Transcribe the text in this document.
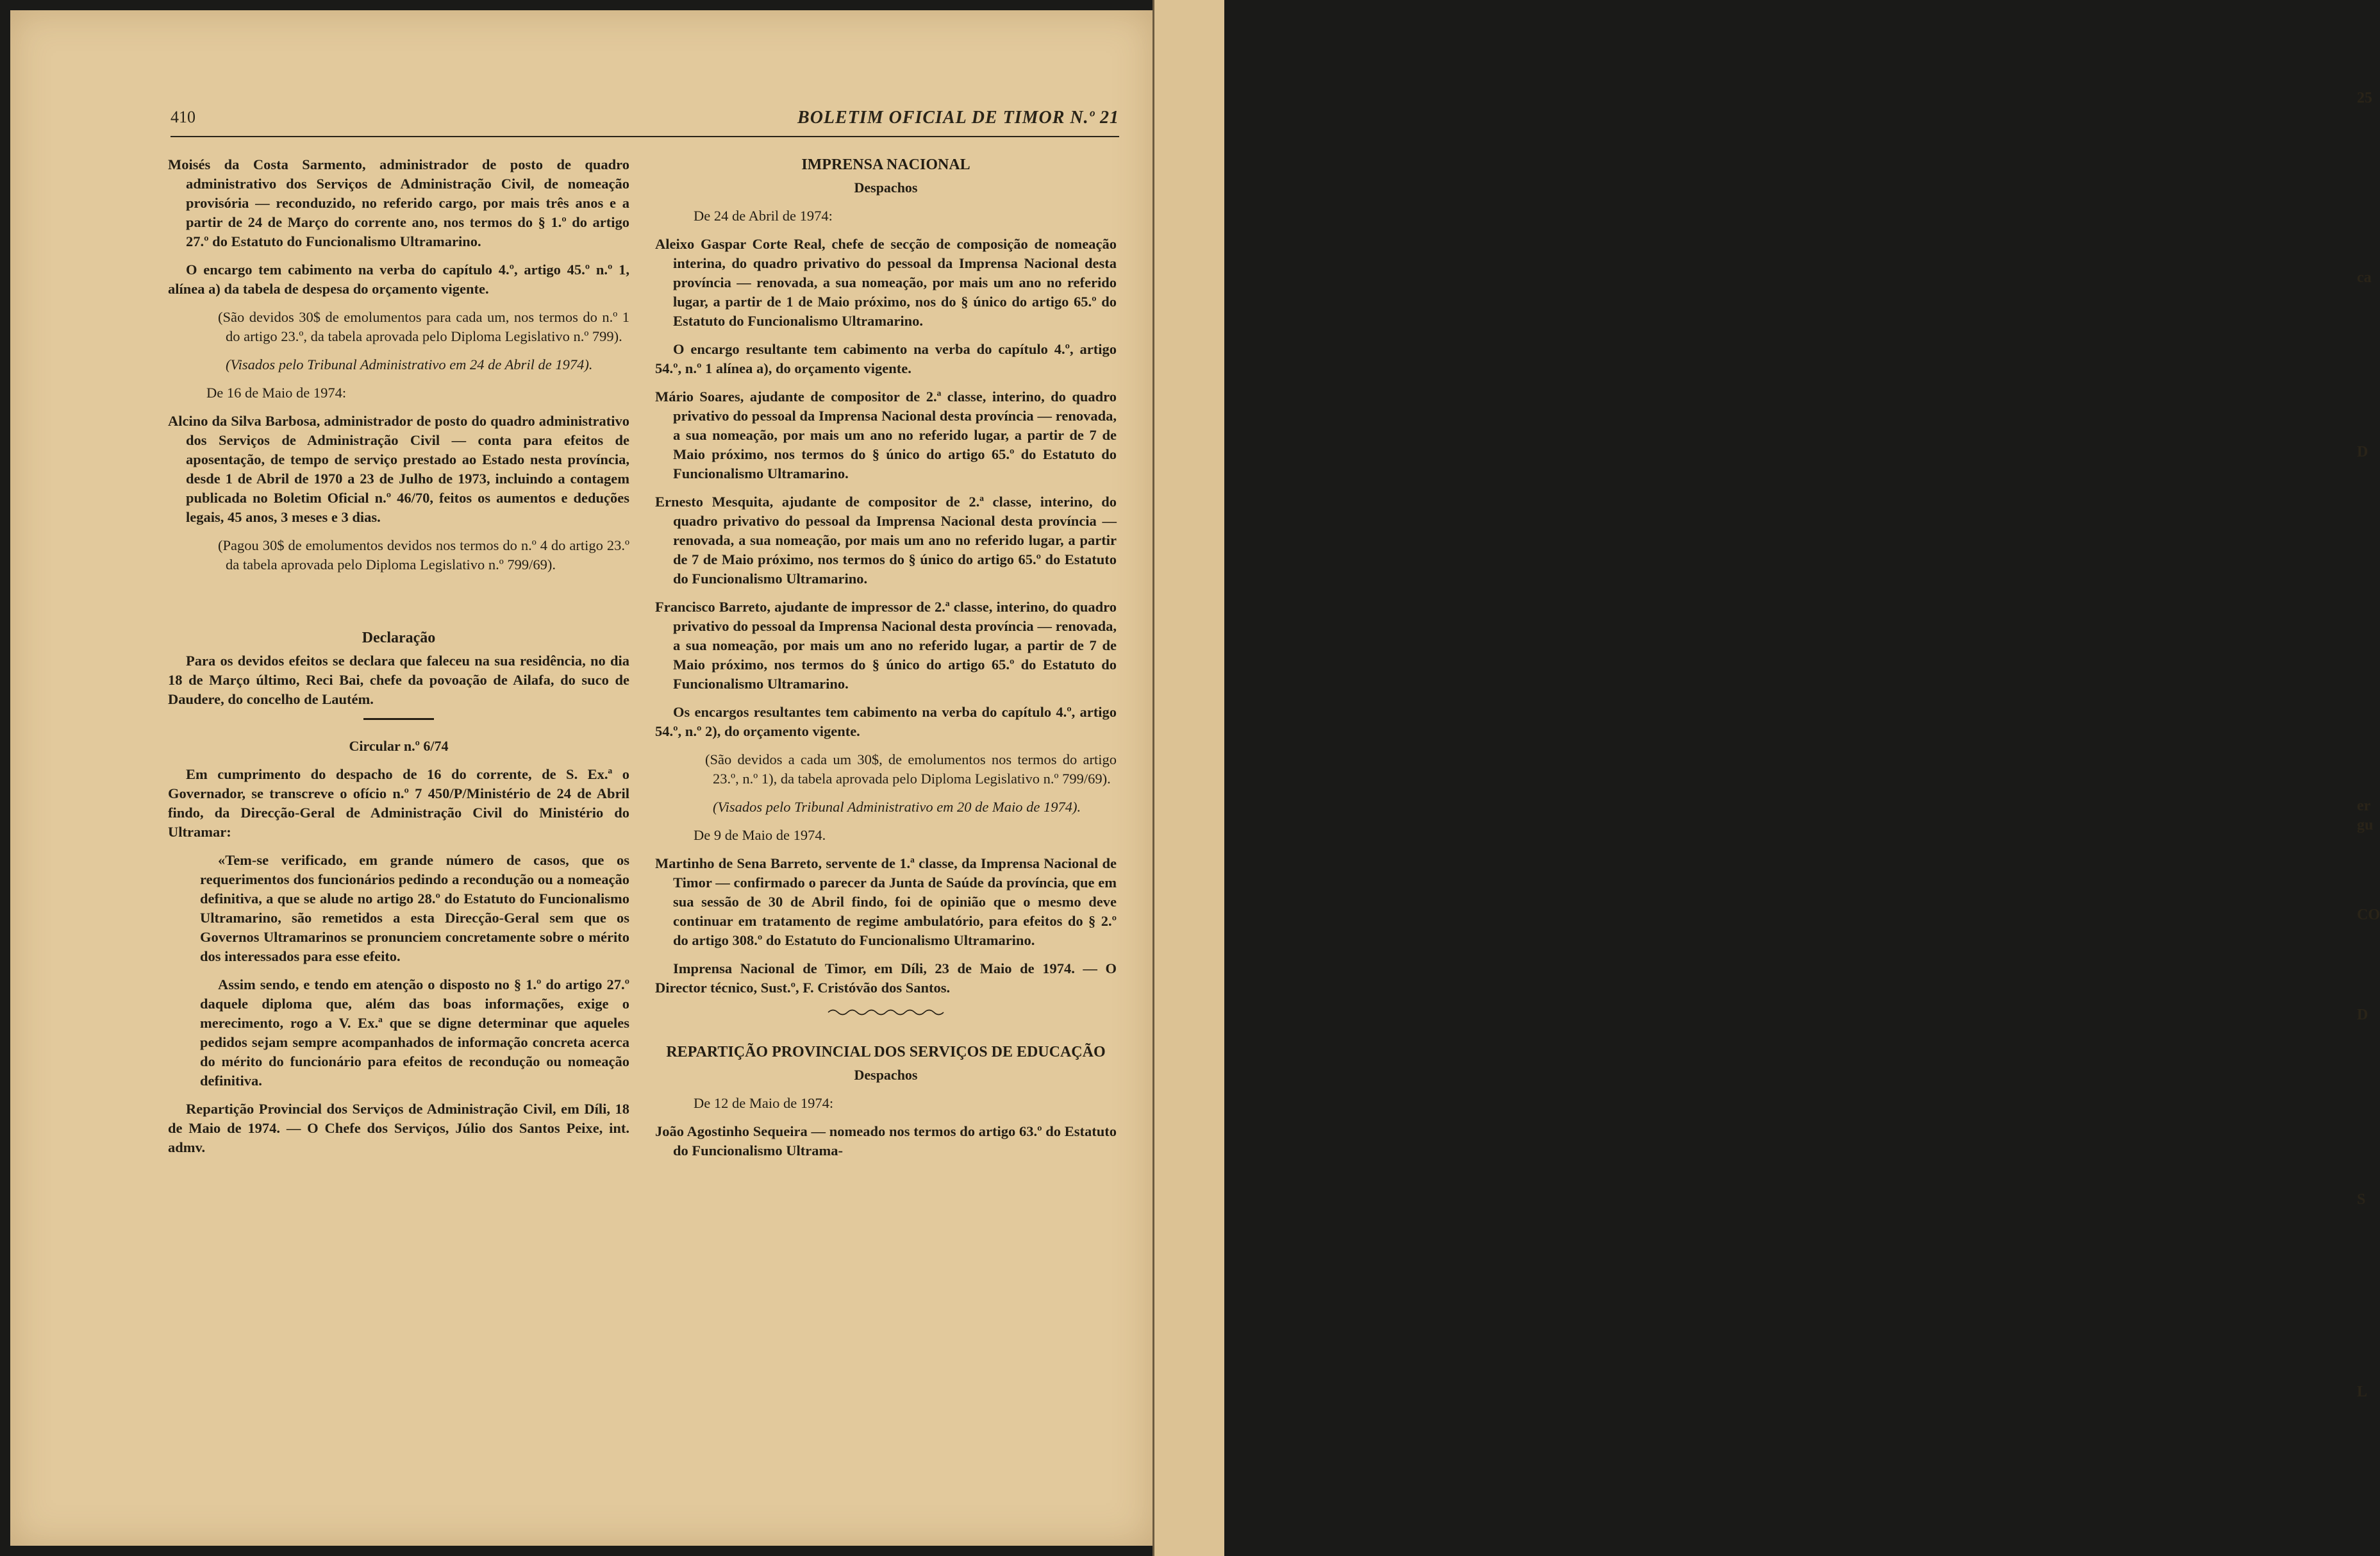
410	BOLETIM OFICIAL DE TIMOR N.º 21

Moisés da Costa Sarmento, administrador de posto de quadro administrativo dos Serviços de Administração Civil, de nomeação provisória — reconduzido, no referido cargo, por mais três anos e a partir de 24 de Março do corrente ano, nos termos do § 1.º do artigo 27.º do Estatuto do Funcionalismo Ultramarino.

O encargo tem cabimento na verba do capítulo 4.º, artigo 45.º n.º 1, alínea a) da tabela de despesa do orçamento vigente.

(São devidos 30$ de emolumentos para cada um, nos termos do n.º 1 do artigo 23.º, da tabela aprovada pelo Diploma Legislativo n.º 799).

(Visados pelo Tribunal Administrativo em 24 de Abril de 1974).

De 16 de Maio de 1974:

Alcino da Silva Barbosa, administrador de posto do quadro administrativo dos Serviços de Administração Civil — conta para efeitos de aposentação, de tempo de serviço prestado ao Estado nesta província, desde 1 de Abril de 1970 a 23 de Julho de 1973, incluindo a contagem publicada no Boletim Oficial n.º 46/70, feitos os aumentos e deduções legais, 45 anos, 3 meses e 3 dias.

(Pagou 30$ de emolumentos devidos nos termos do n.º 4 do artigo 23.º da tabela aprovada pelo Diploma Legislativo n.º 799/69).

Declaração

Para os devidos efeitos se declara que faleceu na sua residência, no dia 18 de Março último, Reci Bai, chefe da povoação de Ailafa, do suco de Daudere, do concelho de Lautém.

Circular n.º 6/74

Em cumprimento do despacho de 16 do corrente, de S. Ex.ª o Governador, se transcreve o ofício n.º 7 450/P/Ministério de 24 de Abril findo, da Direcção-Geral de Administração Civil do Ministério do Ultramar:

«Tem-se verificado, em grande número de casos, que os requerimentos dos funcionários pedindo a recondução ou a nomeação definitiva, a que se alude no artigo 28.º do Estatuto do Funcionalismo Ultramarino, são remetidos a esta Direcção-Geral sem que os Governos Ultramarinos se pronunciem concretamente sobre o mérito dos interessados para esse efeito.

Assim sendo, e tendo em atenção o disposto no § 1.º do artigo 27.º daquele diploma que, além das boas informações, exige o merecimento, rogo a V. Ex.ª que se digne determinar que aqueles pedidos sejam sempre acompanhados de informação concreta acerca do mérito do funcionário para efeitos de recondução ou nomeação definitiva.

Repartição Provincial dos Serviços de Administração Civil, em Díli, 18 de Maio de 1974. — O Chefe dos Serviços, Júlio dos Santos Peixe, int. admv.

IMPRENSA NACIONAL

Despachos

De 24 de Abril de 1974:

Aleixo Gaspar Corte Real, chefe de secção de composição de nomeação interina, do quadro privativo do pessoal da Imprensa Nacional desta província — renovada, a sua nomeação, por mais um ano no referido lugar, a partir de 1 de Maio próximo, nos do § único do artigo 65.º do Estatuto do Funcionalismo Ultramarino.

O encargo resultante tem cabimento na verba do capítulo 4.º, artigo 54.º, n.º 1 alínea a), do orçamento vigente.

Mário Soares, ajudante de compositor de 2.ª classe, interino, do quadro privativo do pessoal da Imprensa Nacional desta província — renovada, a sua nomeação, por mais um ano no referido lugar, a partir de 7 de Maio próximo, nos termos do § único do artigo 65.º do Estatuto do Funcionalismo Ultramarino.

Ernesto Mesquita, ajudante de compositor de 2.ª classe, interino, do quadro privativo do pessoal da Imprensa Nacional desta província — renovada, a sua nomeação, por mais um ano no referido lugar, a partir de 7 de Maio próximo, nos termos do § único do artigo 65.º do Estatuto do Funcionalismo Ultramarino.

Francisco Barreto, ajudante de impressor de 2.ª classe, interino, do quadro privativo do pessoal da Imprensa Nacional desta província — renovada, a sua nomeação, por mais um ano no referido lugar, a partir de 7 de Maio próximo, nos termos do § único do artigo 65.º do Estatuto do Funcionalismo Ultramarino.

Os encargos resultantes tem cabimento na verba do capítulo 4.º, artigo 54.º, n.º 2), do orçamento vigente.

(São devidos a cada um 30$, de emolumentos nos termos do artigo 23.º, n.º 1), da tabela aprovada pelo Diploma Legislativo n.º 799/69).

(Visados pelo Tribunal Administrativo em 20 de Maio de 1974).

De 9 de Maio de 1974.

Martinho de Sena Barreto, servente de 1.ª classe, da Imprensa Nacional de Timor — confirmado o parecer da Junta de Saúde da província, que em sua sessão de 30 de Abril findo, foi de opinião que o mesmo deve continuar em tratamento de regime ambulatório, para efeitos do § 2.º do artigo 308.º do Estatuto do Funcionalismo Ultramarino.

Imprensa Nacional de Timor, em Díli, 23 de Maio de 1974. — O Director técnico, Sust.º, F. Cristóvão dos Santos.

REPARTIÇÃO PROVINCIAL DOS SERVIÇOS DE EDUCAÇÃO

Despachos

De 12 de Maio de 1974:

João Agostinho Sequeira — nomeado nos termos do artigo 63.º do Estatuto do Funcionalismo Ultrama-

25
ca
D
er
gu
CO
D
S
L
